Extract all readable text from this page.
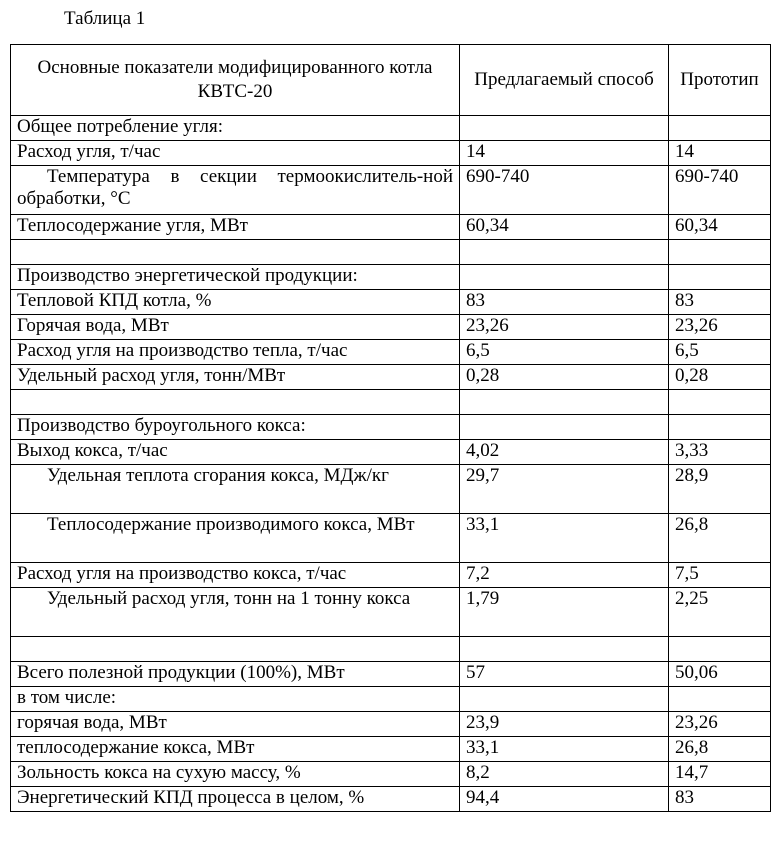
Таблица 1
Основные показатели модифицированного котла КВТС-20	Предлагаемый способ	Прототип
Общее потребление угля:		
Расход угля, т/час	14	14
Температура в секции термоокислитель-ной обработки, °С	690-740	690-740
Теплосодержание угля, МВт	60,34	60,34

Производство энергетической продукции:		
Тепловой КПД котла, %	83	83
Горячая вода, МВт	23,26	23,26
Расход угля на производство тепла, т/час	6,5	6,5
Удельный расход угля, тонн/МВт	0,28	0,28

Производство буроугольного кокса:		
Выход кокса, т/час	4,02	3,33
Удельная теплота сгорания кокса, МДж/кг	29,7	28,9
Теплосодержание производимого кокса, МВт	33,1	26,8
Расход угля на производство кокса, т/час	7,2	7,5
Удельный расход угля, тонн на 1 тонну кокса	1,79	2,25

Всего полезной продукции (100%), МВт	57	50,06
в том числе:		
горячая вода, МВт	23,9	23,26
теплосодержание кокса, МВт	33,1	26,8
Зольность кокса на сухую массу, %	8,2	14,7
Энергетический КПД процесса в целом, %	94,4	83
